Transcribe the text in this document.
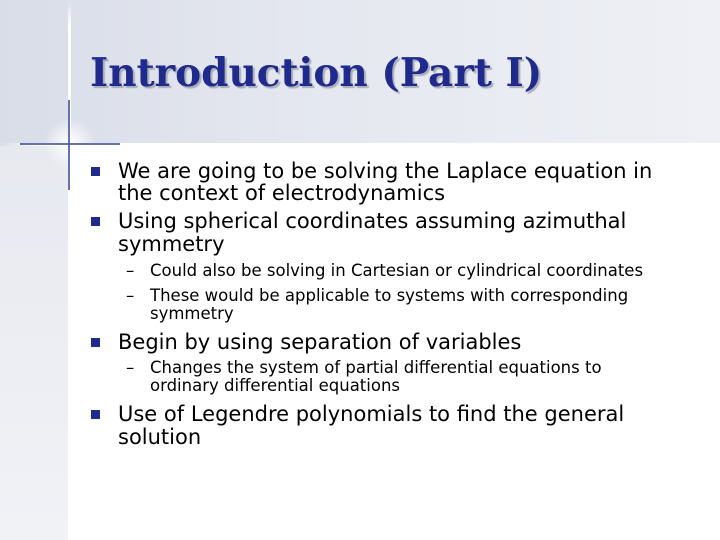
Introduction (Part I)
We are going to be solving the Laplace equation in
the context of electrodynamics
Using spherical coordinates assuming azimuthal
symmetry
– Could also be solving in Cartesian or cylindrical coordinates
– These would be applicable to systems with corresponding
symmetry
Begin by using separation of variables
– Changes the system of partial differential equations to
ordinary differential equations
Use of Legendre polynomials to find the general
solution
